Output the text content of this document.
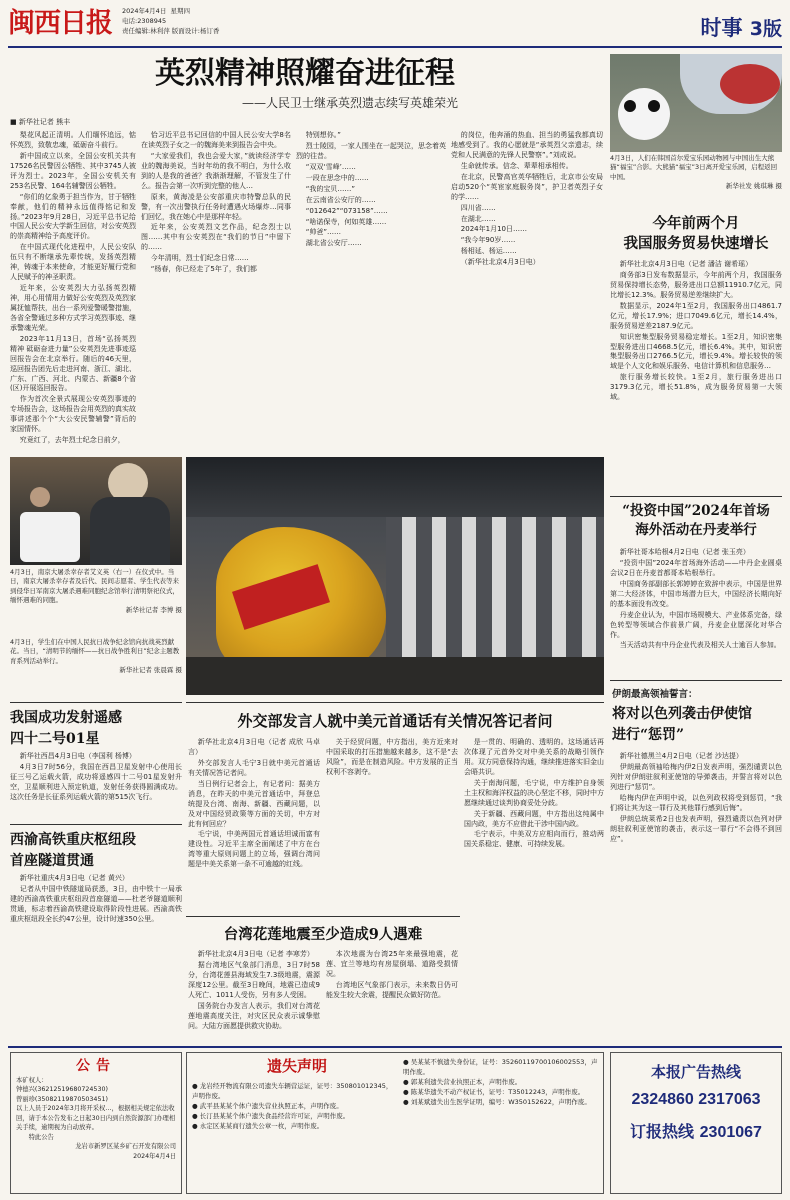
闽西日报	2024年4月4日 星期四
电话:2308945
责任编辑:林利萍 版面设计:杨订香	时事 3版
英烈精神照耀奋进征程
——人民卫士继承英烈遗志续写英雄荣光
■ 新华社记者 熊丰

梨花风起正清明。人们缅怀追远，惦怀英烈，致敬忠魂，砥砺奋斗前行。

新中国成立以来，全国公安机关共有17526名民警因公牺牲、其中3745人被评为烈士。2023年，全国公安机关有253名民警、164名辅警因公牺牲。

“你们的亿象勇于担当作为，甘于牺牲奉献，他们的精神永远值得铭记和发扬。”2023年9月28日，习近平总书记给中国人民公安大学新生回信，对公安英烈的崇高精神给予高度评价。

在中国式现代化进程中，人民公安队伍只有不断继承先辈传统，发扬英烈精神，铸魂于本来使命，才能更好履行党和人民赋予的神圣职责。

近年来，公安英烈大力弘扬英烈精神，用心用情用力做好公安英烈及英烈家属抚恤帮扶，出台一系列爱警暖警措施，各省全警通过多种方式学习英烈事迹、继承警魂光荣。

2023年11月13日，首场“弘扬英烈精神 砥砺奋进力量”公安英烈先进事迹巡回报告会在北京举行。随后的46天里，巡回报告团先后走进河南、浙江、湖北、广东、广西、河北、内蒙古、新疆8个省(区)开展巡回报告。

作为首次全景式展现公安英烈事迹的专场报告会，这场报告会用英烈的真实故事讲述那个个“大公安民警辅警”背后的家国情怀。

究竟红了，去年烈士纪念日前夕，

恰习近平总书记回信的中国人民公安大学8名在读英烈子女之一的魏海美来到报告会中央。

“大家爱我们，我也会爱大家，”就读经济学专业的魏海美说，当时年幼的我不明白，为什么收到的人是我的爸爸？我渐渐理解，不管发生了什么。报告会第一次听到完整的他人…

原来，黄海凌是公安部重庆市特警总队的民警，有一次出警执行任务时遭遇火场爆炸…同事们回忆，我在她心中是那样年轻。

近年来，公安英烈文艺作品，纪念烈士以图……其中有公安英烈在“我们的节日”中留下的……

今年清明，烈士们纪念日常……

“杨春，你已经走了5年了，我们都

特别想你。”

烈士陵园，一家人围坐在一起哭泣，思念着英烈的往昔。

“双双‘雪峰’……

一段在思念中的……

“我的宝贝……”

在云南省公安厅的……

“012642”“073158”……

“啥诺保寺，何如英雄……

“帅爸”……

湖北省公安厅……

的岗位，他奔涌的热血、担当的勇猛我都真切地感受到了。我的心愿就是“承英烈父亲遗志，续党和人民满意的先锋人民警察”。”刘成说。

生命就传承。信念、辈辈相承相传。

在北京，民警高官英华牺牲后，北京市公安局启动520个“英宦家庭服务岗”，护卫者英烈子女的学……

四川省……

在湖北……

2024年1月10日……

“我今年90岁……

杨相延、杨运……

（新华社北京4月3日电）

4月3日，南京大屠杀幸存者艾义英（右一）在仪式中。当日，南京大屠杀幸存者及后代、民间志愿者、学生代表等来到侵华日军南京大屠杀遇难同胞纪念馆举行清明祭祀仪式，缅怀遇难的同胞。
新华社记者 李博 摄
4月3日，学生们在中国人民抗日战争纪念馆向抗战英烈献花。当日，“清明节的缅怀——抗日战争胜利日”纪念主题教育系列活动举行。
新华社记者 张晨霖 摄
4月3日，人们在韩国首尔爱宝乐园动物园与中国出生大熊猫“福宝”合影。大熊猫“福宝”3日离开爱宝乐园，启程返回中国。
新华社发 姚琪琳 摄
今年前两个月
我国服务贸易快速增长

新华社北京4月3日电（记者 潘洁 谢希瑶）

商务部3日发布数据显示，今年前两个月，我国服务贸易保持增长态势，服务进出口总额11910.7亿元，同比增长12.3%。服务贸易逆差继续扩大。

数据显示，2024年1至2月，我国服务出口4861.7亿元，增长17.9%；进口7049.6亿元，增长14.4%，服务贸易逆差2187.9亿元。

知识密集型服务贸易稳定增长。1至2月，知识密集型服务进出口4668.5亿元，增长6.4%。其中，知识密集型服务出口2766.5亿元，增长9.4%。增长较快的领域是个人文化和娱乐服务、电信计算机和信息服务…

旅行服务增长较快。1至2月，旅行服务进出口3179.3亿元，增长51.8%，成为服务贸易第一大领域。

“投资中国”2024年首场
海外活动在丹麦举行

新华社哥本哈根4月2日电（记者 张玉亮）

“投资中国”2024年首场海外活动——中丹企业圆桌会议2日在丹麦首都哥本哈根举行。

中国商务部副部长郭婷婷在致辞中表示，中国是世界第二大经济体，中国市场潜力巨大，中国经济长期向好的基本面没有改变。

丹麦企业认为，中国市场规模大、产业体系完备，绿色转型等领域合作前景广阔，丹麦企业愿深化对华合作。

当天活动共有中丹企业代表及相关人士逾百人参加。

伊朗最高领袖誓言：
将对以色列袭击伊使馆
进行“惩罚”

新华社德黑兰4月2日电（记者 沙达提）

伊朗最高领袖哈梅内伊2日发表声明，强烈谴责以色列针对伊朗驻叙利亚使馆的导弹袭击，并誓言将对以色列进行“惩罚”。

哈梅内伊在声明中说，以色列政权将受到惩罚，“我们将让其为这一罪行及其他罪行感到后悔”。

伊朗总统莱希2日也发表声明，强烈谴责以色列对伊朗驻叙利亚使馆的袭击，表示这一罪行“不会得不到回应”。

我国成功发射遥感
四十二号01星

新华社西昌4月3日电（李国利 杨博）

4月3日7时56分，我国在西昌卫星发射中心使用长征三号乙运载火箭，成功将遥感四十二号01星发射升空，卫星顺利进入预定轨道，发射任务获得圆满成功。这次任务是长征系列运载火箭的第515次飞行。

西渝高铁重庆枢纽段
首座隧道贯通

新华社重庆4月3日电（记者 黄兴）

记者从中国中铁隧道局获悉，3日，由中铁十一局承建的西渝高铁重庆枢纽段首座隧道——杜老爷隧道顺利贯通，标志着西渝高铁建设取得阶段性进展。西渝高铁重庆枢纽段全长约47公里，设计时速350公里。

外交部发言人就中美元首通话有关情况答记者问

新华社北京4月3日电（记者 成欣 马卓言）

外交部发言人毛宁3日就中美元首通话有关情况答记者问。

当日例行记者会上，有记者问：据美方消息，在昨天的中美元首通话中，拜登总统提及台湾、南海、新疆、西藏问题，以及对中国经贸政策等方面的关切，中方对此有何回应？

毛宁说，中美两国元首通话坦诚而富有建设性。习近平主席全面阐述了中方在台湾等重大原则问题上的立场，强调台湾问题是中美关系第一条不可逾越的红线。

关于经贸问题，中方指出，美方近来对中国采取的打压措施越来越多，这不是“去风险”，而是在制造风险。中方发展的正当权利不容剥夺。

是一贯的、明确的、透明的。这场通话再次体现了元首外交对中美关系的战略引领作用。双方同意保持沟通，继续推进落实旧金山会晤共识。

关于南海问题，毛宁说，中方维护自身领土主权和海洋权益的决心坚定不移，同时中方愿继续通过谈判协商妥处分歧。

关于新疆、西藏问题，中方指出这纯属中国内政，美方不应借此干涉中国内政。

毛宁表示，中美双方应相向而行，推动两国关系稳定、健康、可持续发展。

台湾花莲地震至少造成9人遇难

新华社北京4月3日电（记者 李寒芳）

据台湾地区气象部门消息，3日7时58分，台湾花莲县海域发生7.3级地震，震源深度12公里。截至3日晚间，地震已造成9人死亡、1011人受伤，另有多人受困。

国务院台办发言人表示，我们对台湾花莲地震高度关注，对灾区民众表示诚挚慰问。大陆方面愿提供救灾协助。

本次地震为台湾25年来最强地震，花莲、宜兰等地均有房屋倒塌、道路受损情况。

台湾地区气象部门表示，未来数日仍可能发生较大余震，提醒民众做好防范。

公告
本矿权人：
钟德兴(36212519680724530)
曾丽珍(35082119870503451)
以上人员于2024年3月将开采权…，根据相关规定依法收回，请于本公告发布之日起30日内到自然资源部门办理相关手续，逾期视为自动放弃。
特此公告
龙岩市新罗区某乡矿石开发有限公司
2024年4月4日
遗失声明
● 龙岩经开物流有限公司遗失车辆营运证，证号：350801012345，声明作废。
● 武平县某某个体户遗失营业执照正本，声明作废。
● 长汀县某某个体户遗失食品经营许可证，声明作废。
● 永定区某某商行遗失公章一枚，声明作废。
● 吴某某不慎遗失身份证，证号：35260119700106002553，声明作废。
● 郭某利遗失营业执照正本，声明作废。
● 陈某华遗失不动产权证书，证号：T35012243，声明作废。
● 刘某斌遗失出生医学证明，编号：W350152622，声明作废。
本报广告热线
2324860 2317063
订报热线 2301067
